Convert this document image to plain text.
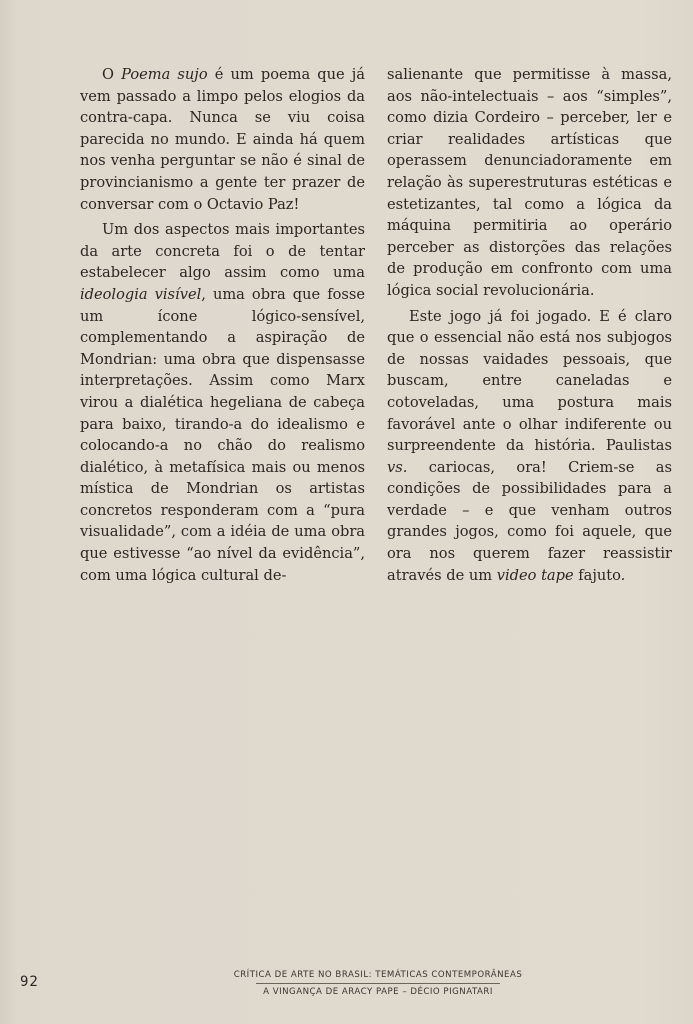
O Poema sujo é um poema que já vem passado a limpo pelos elogios da contra-capa. Nunca se viu coisa parecida no mundo. E ainda há quem nos venha perguntar se não é sinal de provincianismo a gente ter prazer de conversar com o Octavio Paz!

Um dos aspectos mais importantes da arte concreta foi o de tentar estabelecer algo assim como uma ideologia visível, uma obra que fosse um ícone lógico-sensível, complementando a aspiração de Mondrian: uma obra que dispensasse interpretações. Assim como Marx virou a dialética hegeliana de cabeça para baixo, tirando-a do idealismo e colocando-a no chão do realismo dialético, à metafísica mais ou menos mística de Mondrian os artistas concretos responderam com a “pura visualidade”, com a idéia de uma obra que estivesse “ao nível da evidência”, com uma lógica cultural de-

salienante que permitisse à massa, aos não-intelectuais – aos “simples”, como dizia Cordeiro – perceber, ler e criar realidades artísticas que operassem denunciadoramente em relação às superestruturas estéticas e estetizantes, tal como a lógica da máquina permitiria ao operário perceber as distorções das relações de produção em confronto com uma lógica social revolucionária.

Este jogo já foi jogado. E é claro que o essencial não está nos subjogos de nossas vaidades pessoais, que buscam, entre caneladas e cotoveladas, uma postura mais favorável ante o olhar indiferente ou surpreendente da história. Paulistas vs. cariocas, ora! Criem-se as condições de possibilidades para a verdade – e que venham outros grandes jogos, como foi aquele, que ora nos querem fazer reassistir através de um video tape fajuto.

92	CRÍTICA DE ARTE NO BRASIL: TEMÁTICAS CONTEMPORÂNEAS
A VINGANÇA DE ARACY PAPE – DÉCIO PIGNATARI
